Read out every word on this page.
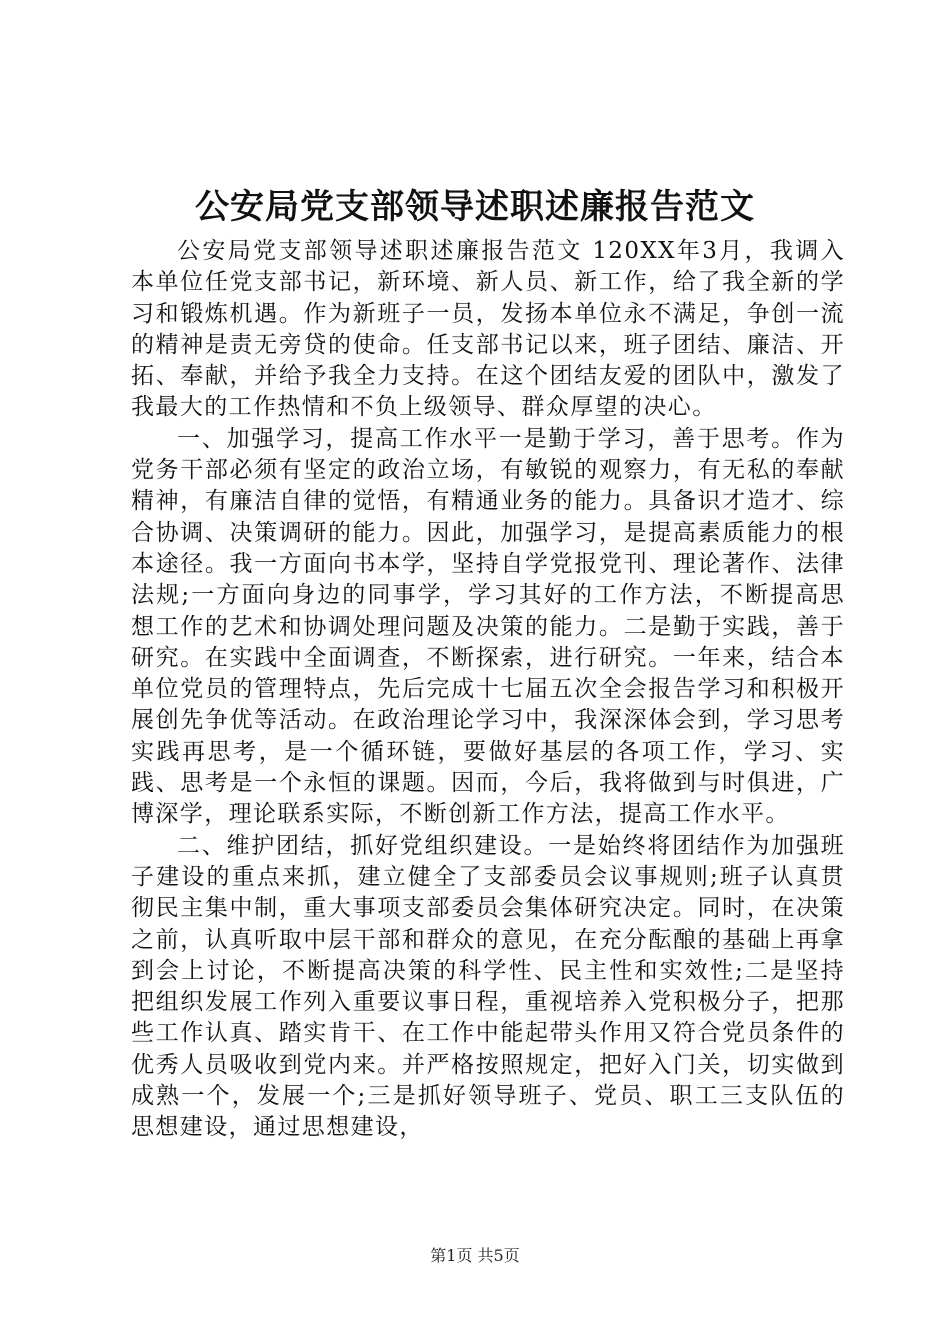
公安局党支部领导述职述廉报告范文

公安局党支部领导述职述廉报告范文 120XX年3月，我调入本单位任党支部书记，新环境、新人员、新工作，给了我全新的学习和锻炼机遇。作为新班子一员，发扬本单位永不满足，争创一流的精神是责无旁贷的使命。任支部书记以来，班子团结、廉洁、开拓、奉献，并给予我全力支持。在这个团结友爱的团队中，激发了我最大的工作热情和不负上级领导、群众厚望的决心。

一、加强学习，提高工作水平一是勤于学习，善于思考。作为党务干部必须有坚定的政治立场，有敏锐的观察力，有无私的奉献精神，有廉洁自律的觉悟，有精通业务的能力。具备识才造才、综合协调、决策调研的能力。因此，加强学习，是提高素质能力的根本途径。我一方面向书本学，坚持自学党报党刊、理论著作、法律法规;一方面向身边的同事学，学习其好的工作方法，不断提高思想工作的艺术和协调处理问题及决策的能力。二是勤于实践，善于研究。在实践中全面调查，不断探索，进行研究。一年来，结合本单位党员的管理特点，先后完成十七届五次全会报告学习和积极开展创先争优等活动。在政治理论学习中，我深深体会到，学习思考实践再思考，是一个循环链，要做好基层的各项工作，学习、实践、思考是一个永恒的课题。因而，今后，我将做到与时俱进，广博深学，理论联系实际，不断创新工作方法，提高工作水平。

二、维护团结，抓好党组织建设。一是始终将团结作为加强班子建设的重点来抓，建立健全了支部委员会议事规则;班子认真贯彻民主集中制，重大事项支部委员会集体研究决定。同时，在决策之前，认真听取中层干部和群众的意见，在充分酝酿的基础上再拿到会上讨论，不断提高决策的科学性、民主性和实效性;二是坚持把组织发展工作列入重要议事日程，重视培养入党积极分子，把那些工作认真、踏实肯干、在工作中能起带头作用又符合党员条件的优秀人员吸收到党内来。并严格按照规定，把好入门关，切实做到成熟一个，发展一个;三是抓好领导班子、党员、职工三支队伍的思想建设，通过思想建设，

第1页 共5页
